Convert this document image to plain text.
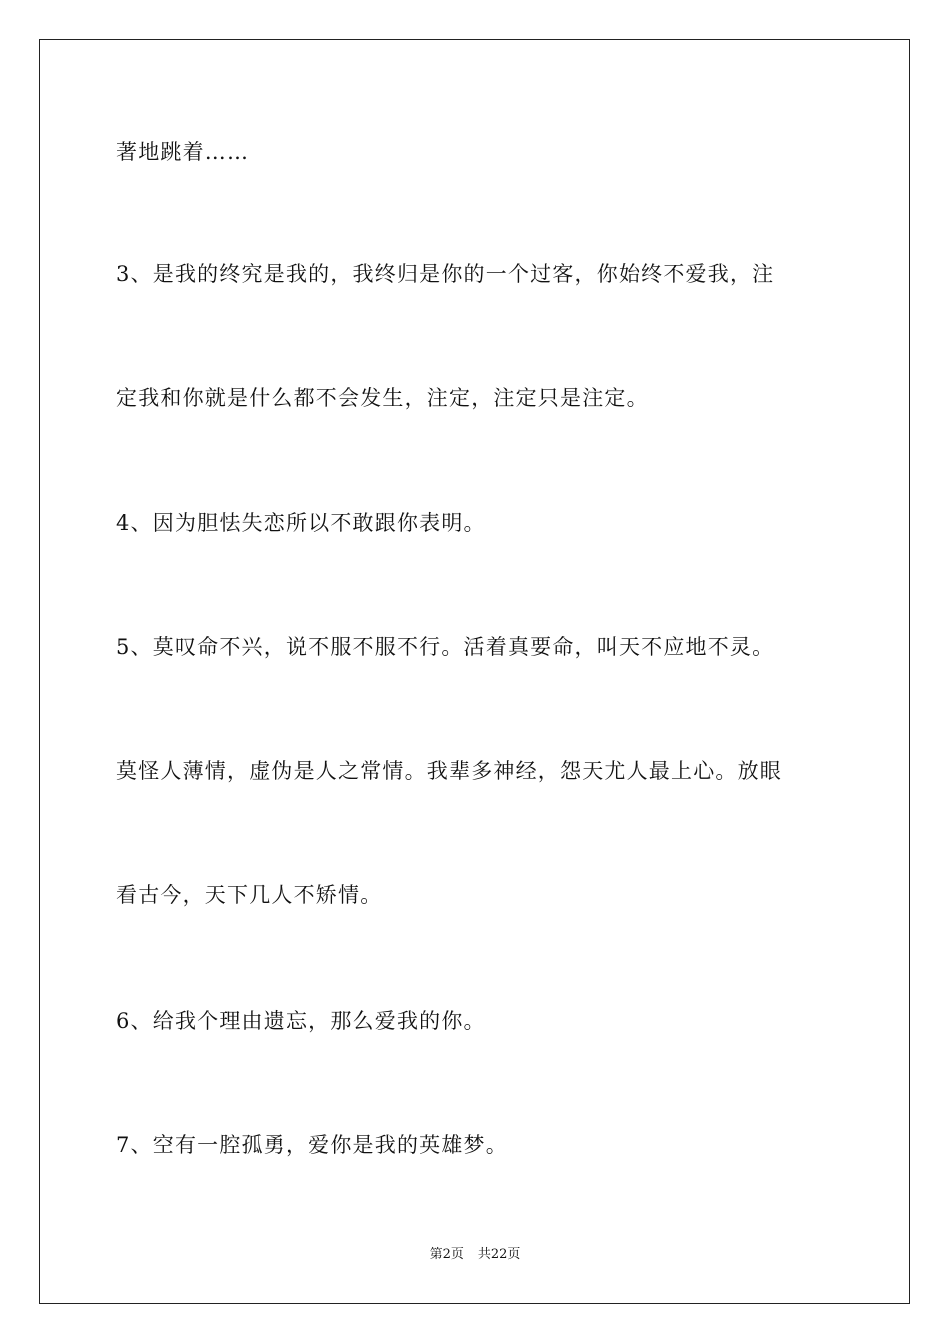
著地跳着……
3、是我的终究是我的，我终归是你的一个过客，你始终不爱我，注
定我和你就是什么都不会发生，注定，注定只是注定。
4、因为胆怯失恋所以不敢跟你表明。
5、莫叹命不兴，说不服不服不行。活着真要命，叫天不应地不灵。
莫怪人薄情，虚伪是人之常情。我辈多神经，怨天尤人最上心。放眼
看古今，天下几人不矫情。
6、给我个理由遗忘，那么爱我的你。
7、空有一腔孤勇，爱你是我的英雄梦。
第2页 共22页
